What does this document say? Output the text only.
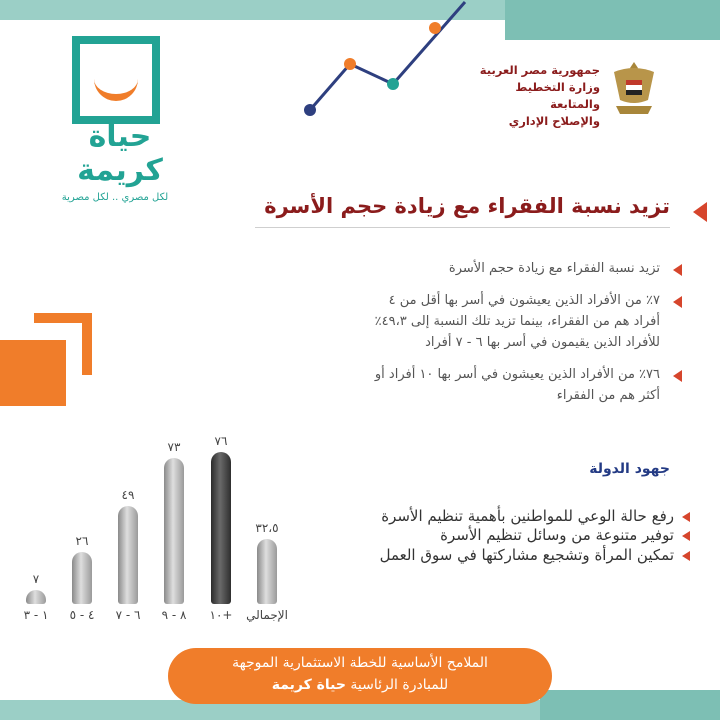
حياة
كريمة
لكل مصري .. لكل مصرية
جمهورية مصر العربية
وزارة التخطيط والمتابعة
والإصلاح الإداري
تزيد نسبة الفقراء مع زيادة حجم الأسرة
تزيد نسبة الفقراء مع زيادة حجم الأسرة
٧٪ من الأفراد الذين يعيشون في أسر بها أقل من ٤ أفراد هم من الفقراء، بينما تزيد تلك النسبة إلى ٤٩،٣٪ للأفراد الذين يقيمون في أسر بها ٦ - ٧ أفراد
٧٦٪ من الأفراد الذين يعيشون في أسر بها ١٠ أفراد أو أكثر هم من الفقراء
جهود الدولة
رفع حالة الوعي للمواطنين بأهمية تنظيم الأسرة
توفير متنوعة من وسائل تنظيم الأسرة
تمكين المرأة وتشجيع مشاركتها في سوق العمل
٧
١ - ٣
٢٦
٤ - ٥
٤٩
٦ - ٧
٧٣
٨ - ٩
٧٦
١٠+
٣٢،٥
الإجمالي
الملامح الأساسية للخطة الاستثمارية الموجهة
للمبادرة الرئاسية حياة كريمة
